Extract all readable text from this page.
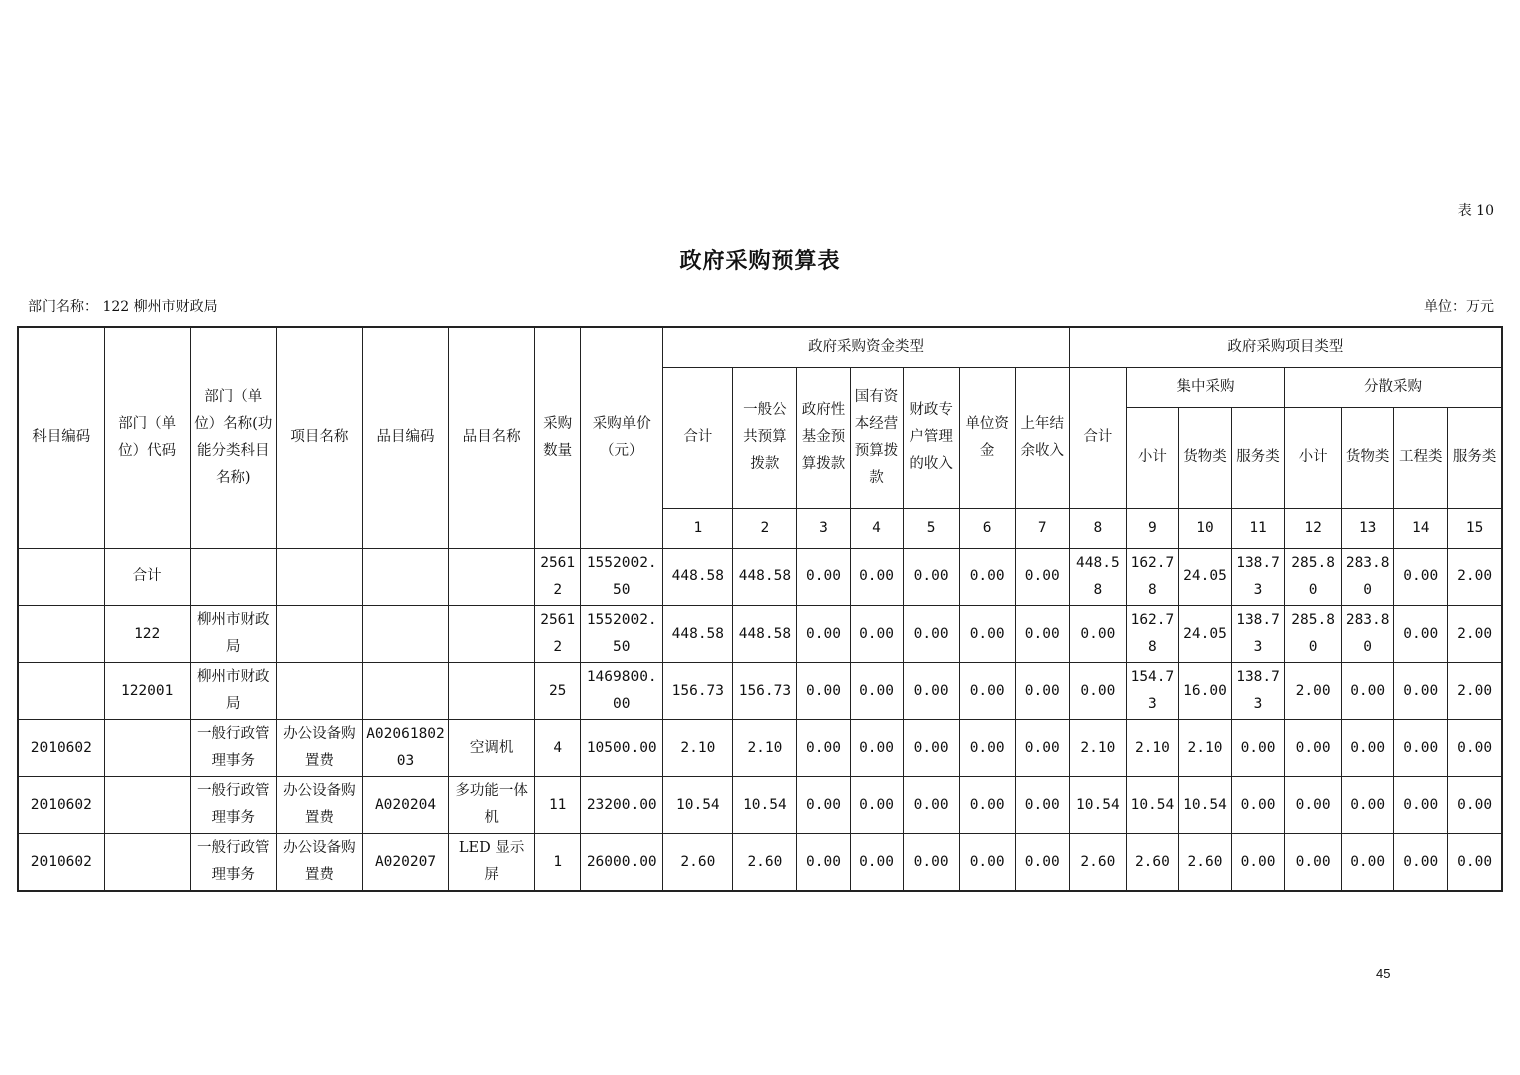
表 10
政府采购预算表
部门名称： 122 柳州市财政局	单位：万元
科目编码	部门（单位）代码	部门（单位）名称(功能分类科目名称)	项目名称	品目编码	品目名称	采购数量	采购单价（元）	政府采购资金类型							政府采购项目类型							
								合计	一般公共预算拨款	政府性基金预算拨款	国有资本经营预算拨款	财政专户管理的收入	单位资金	上年结余收入	合计	集中采购			分散采购			
																小计	货物类	服务类	小计	货物类	工程类	服务类
								1	2	3	4	5	6	7	8	9	10	11	12	13	14	15
	合计					25612	1552002.50	448.58	448.58	0.00	0.00	0.00	0.00	0.00	448.58	162.78	24.05	138.73	285.80	283.80	0.00	2.00
	122	柳州市财政局				25612	1552002.50	448.58	448.58	0.00	0.00	0.00	0.00	0.00	0.00	162.78	24.05	138.73	285.80	283.80	0.00	2.00
	122001	柳州市财政局				25	1469800.00	156.73	156.73	0.00	0.00	0.00	0.00	0.00	0.00	154.73	16.00	138.73	2.00	0.00	0.00	2.00
2010602		一般行政管理事务	办公设备购置费	A0206180203	空调机	4	10500.00	2.10	2.10	0.00	0.00	0.00	0.00	0.00	2.10	2.10	2.10	0.00	0.00	0.00	0.00	0.00
2010602		一般行政管理事务	办公设备购置费	A020204	多功能一体机	11	23200.00	10.54	10.54	0.00	0.00	0.00	0.00	0.00	10.54	10.54	10.54	0.00	0.00	0.00	0.00	0.00
2010602		一般行政管理事务	办公设备购置费	A020207	LED 显示屏	1	26000.00	2.60	2.60	0.00	0.00	0.00	0.00	0.00	2.60	2.60	2.60	0.00	0.00	0.00	0.00	0.00
45
